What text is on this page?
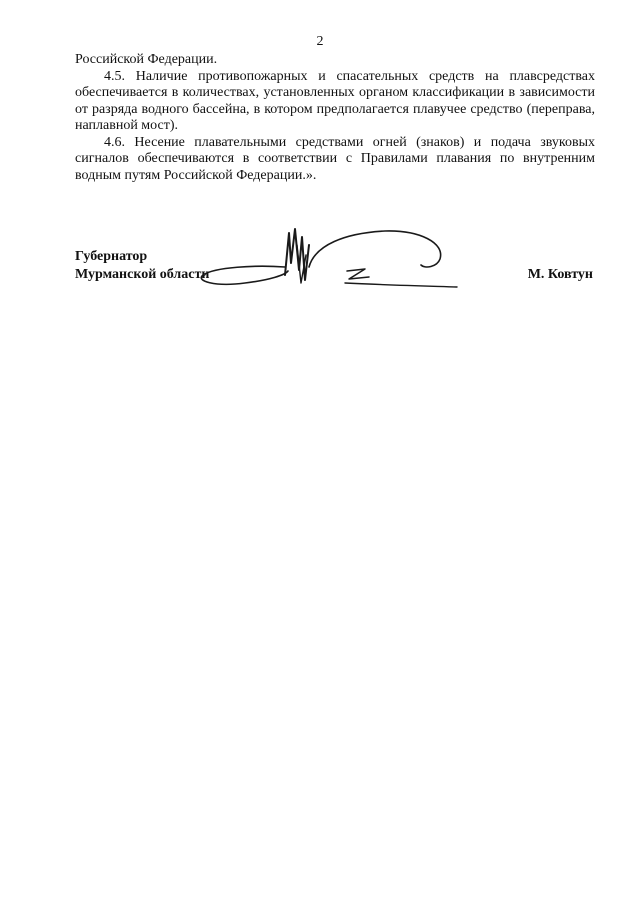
2

Российской Федерации.

4.5. Наличие противопожарных и спасательных средств на плавсредствах обеспечивается в количествах, установленных органом классификации в зависимости от разряда водного бассейна, в котором предполагается плавучее средство (переправа, наплавной мост).

4.6. Несение плавательными средствами огней (знаков) и подача звуковых сигналов обеспечиваются в соответствии с Правилами плавания по внутренним водным путям Российской Федерации.».

Губернатор
Мурманской области	М. Ковтун
